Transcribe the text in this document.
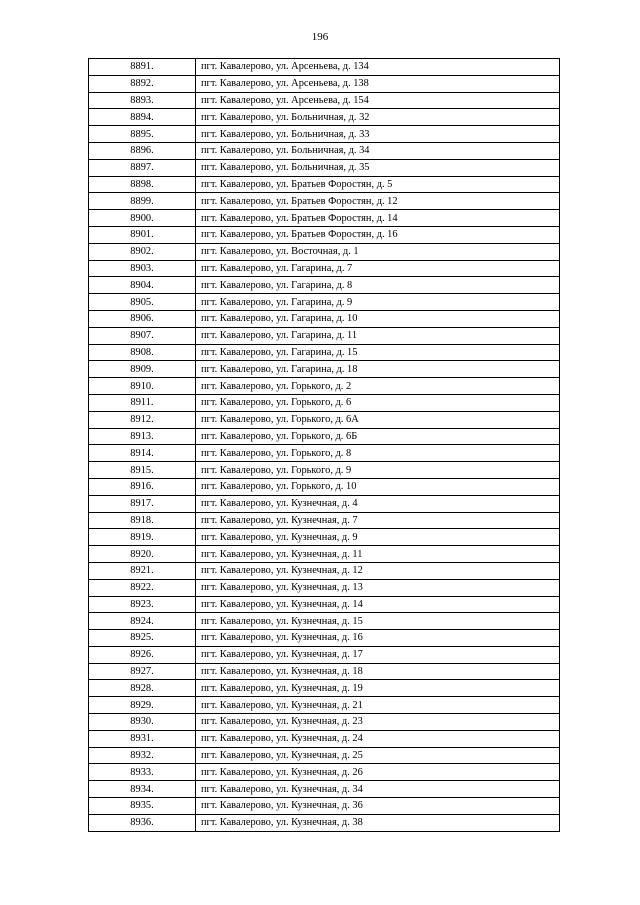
196
8891.	пгт. Кавалерово, ул. Арсеньева, д. 134
8892.	пгт. Кавалерово, ул. Арсеньева, д. 138
8893.	пгт. Кавалерово, ул. Арсеньева, д. 154
8894.	пгт. Кавалерово, ул. Больничная, д. 32
8895.	пгт. Кавалерово, ул. Больничная, д. 33
8896.	пгт. Кавалерово, ул. Больничная, д. 34
8897.	пгт. Кавалерово, ул. Больничная, д. 35
8898.	пгт. Кавалерово, ул. Братьев Форостян, д. 5
8899.	пгт. Кавалерово, ул. Братьев Форостян, д. 12
8900.	пгт. Кавалерово, ул. Братьев Форостян, д. 14
8901.	пгт. Кавалерово, ул. Братьев Форостян, д. 16
8902.	пгт. Кавалерово, ул. Восточная, д. 1
8903.	пгт. Кавалерово, ул. Гагарина, д. 7
8904.	пгт. Кавалерово, ул. Гагарина, д. 8
8905.	пгт. Кавалерово, ул. Гагарина, д. 9
8906.	пгт. Кавалерово, ул. Гагарина, д. 10
8907.	пгт. Кавалерово, ул. Гагарина, д. 11
8908.	пгт. Кавалерово, ул. Гагарина, д. 15
8909.	пгт. Кавалерово, ул. Гагарина, д. 18
8910.	пгт. Кавалерово, ул. Горького, д. 2
8911.	пгт. Кавалерово, ул. Горького, д. 6
8912.	пгт. Кавалерово, ул. Горького, д. 6А
8913.	пгт. Кавалерово, ул. Горького, д. 6Б
8914.	пгт. Кавалерово, ул. Горького, д. 8
8915.	пгт. Кавалерово, ул. Горького, д. 9
8916.	пгт. Кавалерово, ул. Горького, д. 10
8917.	пгт. Кавалерово, ул. Кузнечная, д. 4
8918.	пгт. Кавалерово, ул. Кузнечная, д. 7
8919.	пгт. Кавалерово, ул. Кузнечная, д. 9
8920.	пгт. Кавалерово, ул. Кузнечная, д. 11
8921.	пгт. Кавалерово, ул. Кузнечная, д. 12
8922.	пгт. Кавалерово, ул. Кузнечная, д. 13
8923.	пгт. Кавалерово, ул. Кузнечная, д. 14
8924.	пгт. Кавалерово, ул. Кузнечная, д. 15
8925.	пгт. Кавалерово, ул. Кузнечная, д. 16
8926.	пгт. Кавалерово, ул. Кузнечная, д. 17
8927.	пгт. Кавалерово, ул. Кузнечная, д. 18
8928.	пгт. Кавалерово, ул. Кузнечная, д. 19
8929.	пгт. Кавалерово, ул. Кузнечная, д. 21
8930.	пгт. Кавалерово, ул. Кузнечная, д. 23
8931.	пгт. Кавалерово, ул. Кузнечная, д. 24
8932.	пгт. Кавалерово, ул. Кузнечная, д. 25
8933.	пгт. Кавалерово, ул. Кузнечная, д. 26
8934.	пгт. Кавалерово, ул. Кузнечная, д. 34
8935.	пгт. Кавалерово, ул. Кузнечная, д. 36
8936.	пгт. Кавалерово, ул. Кузнечная, д. 38
